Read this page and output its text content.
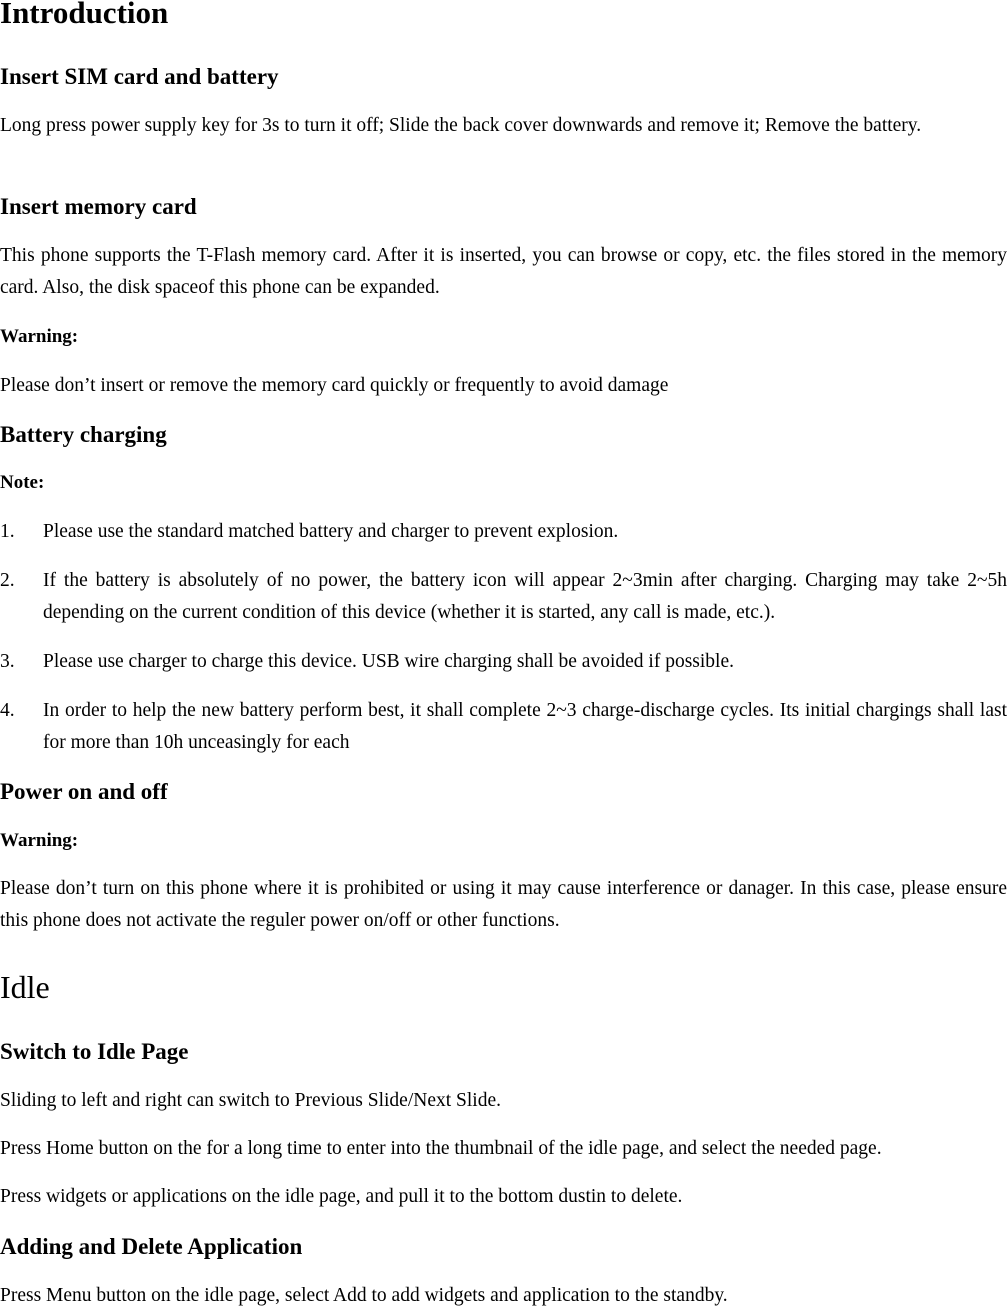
Introduction
Insert SIM card and battery
Long press power supply key for 3s to turn it off; Slide the back cover downwards and remove it; Remove the battery.
Insert memory card
This phone supports the T-Flash memory card. After it is inserted, you can browse or copy, etc. the files stored in the memory card. Also, the disk spaceof this phone can be expanded.
Warning:
Please don’t insert or remove the memory card quickly or frequently to avoid damage
Battery charging
Note:
1. Please use the standard matched battery and charger to prevent explosion.
2. If the battery is absolutely of no power, the battery icon will appear 2~3min after charging. Charging may take 2~5h depending on the current condition of this device (whether it is started, any call is made, etc.).
3. Please use charger to charge this device. USB wire charging shall be avoided if possible.
4. In order to help the new battery perform best, it shall complete 2~3 charge-discharge cycles. Its initial chargings shall last for more than 10h unceasingly for each
Power on and off
Warning:
Please don’t turn on this phone where it is prohibited or using it may cause interference or danager. In this case, please ensure this phone does not activate the reguler power on/off or other functions.
Idle
Switch to Idle Page
Sliding to left and right can switch to Previous Slide/Next Slide.
Press Home button on the for a long time to enter into the thumbnail of the idle page, and select the needed page.
Press widgets or applications on the idle page, and pull it to the bottom dustin to delete.
Adding and Delete Application
Press Menu button on the idle page, select Add to add widgets and application to the standby.
